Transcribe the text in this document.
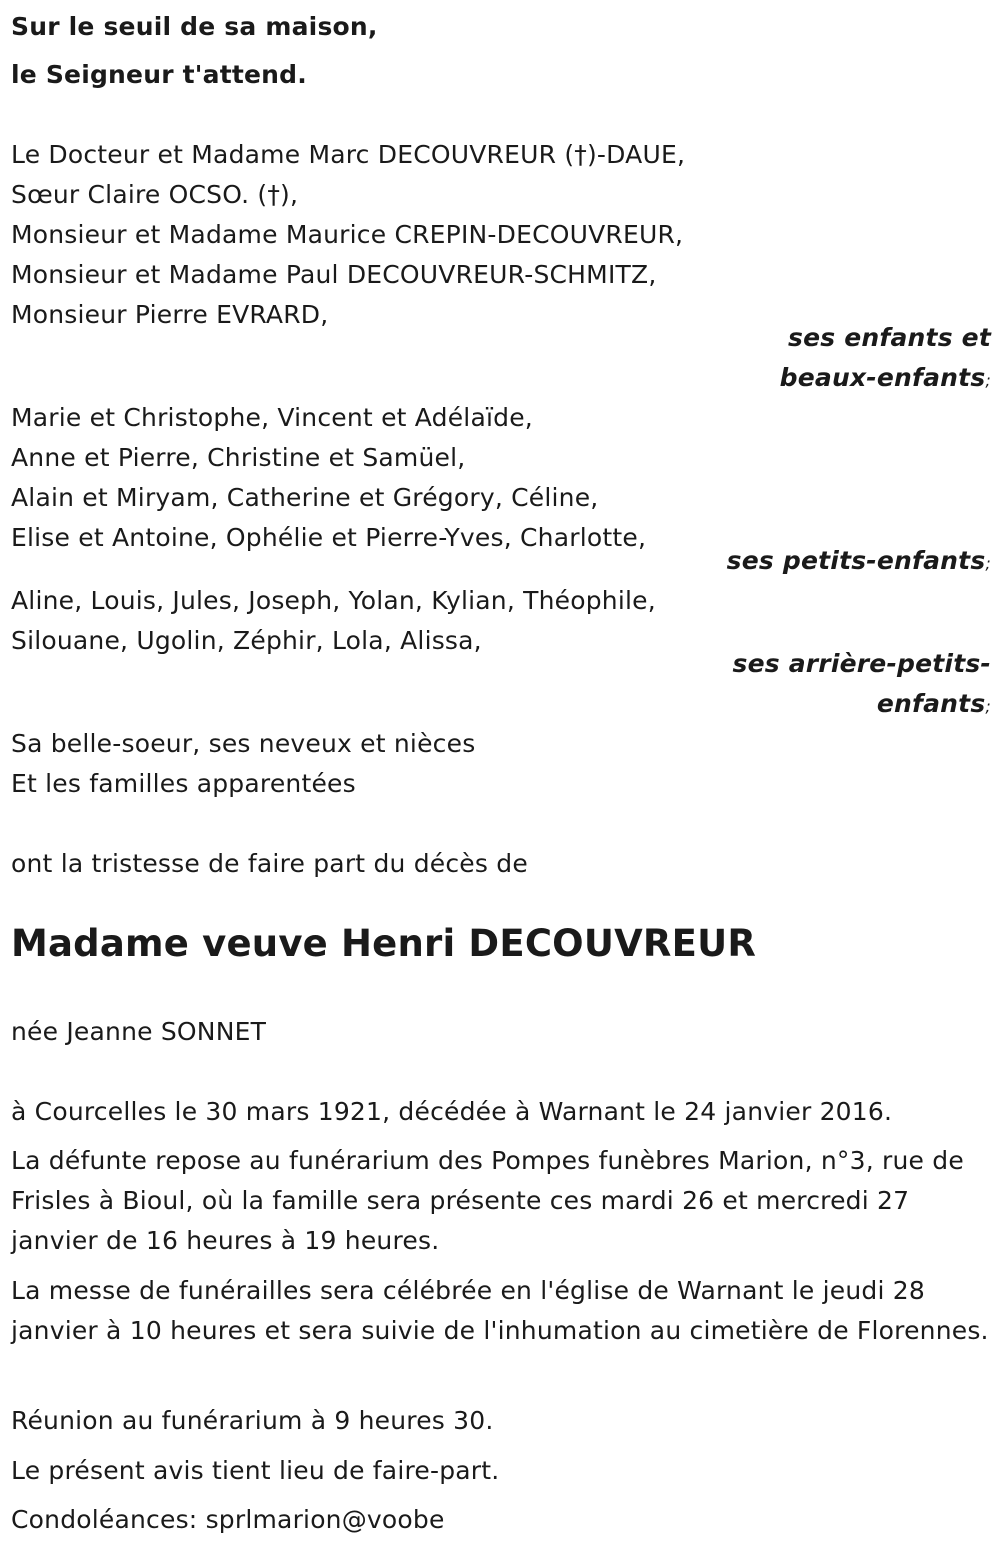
Sur le seuil de sa maison,
le Seigneur t'attend.
Le Docteur et Madame Marc DECOUVREUR (†)-DAUE,
Sœur Claire OCSO. (†),
Monsieur et Madame Maurice CREPIN-DECOUVREUR,
Monsieur et Madame Paul DECOUVREUR-SCHMITZ,
Monsieur Pierre EVRARD,
ses enfants et
beaux-enfants;
Marie et Christophe, Vincent et Adélaïde,
Anne et Pierre, Christine et Samüel,
Alain et Miryam, Catherine et Grégory, Céline,
Elise et Antoine, Ophélie et Pierre-Yves, Charlotte,
ses petits-enfants;
Aline, Louis, Jules, Joseph, Yolan, Kylian, Théophile,
Silouane, Ugolin, Zéphir, Lola, Alissa,
ses arrière-petits-
enfants;
Sa belle-soeur, ses neveux et nièces
Et les familles apparentées
ont la tristesse de faire part du décès de
Madame veuve Henri DECOUVREUR
née Jeanne SONNET
à Courcelles le 30 mars 1921, décédée à Warnant le 24 janvier 2016.
La défunte repose au funérarium des Pompes funèbres Marion, n°3, rue de Frisles à Bioul, où la famille sera présente ces mardi 26 et mercredi 27 janvier de 16 heures à 19 heures.
La messe de funérailles sera célébrée en l'église de Warnant le jeudi 28 janvier à 10 heures et sera suivie de l'inhumation au cimetière de Florennes.
Réunion au funérarium à 9 heures 30.
Le présent avis tient lieu de faire-part.
Condoléances: sprlmarion@voobe
